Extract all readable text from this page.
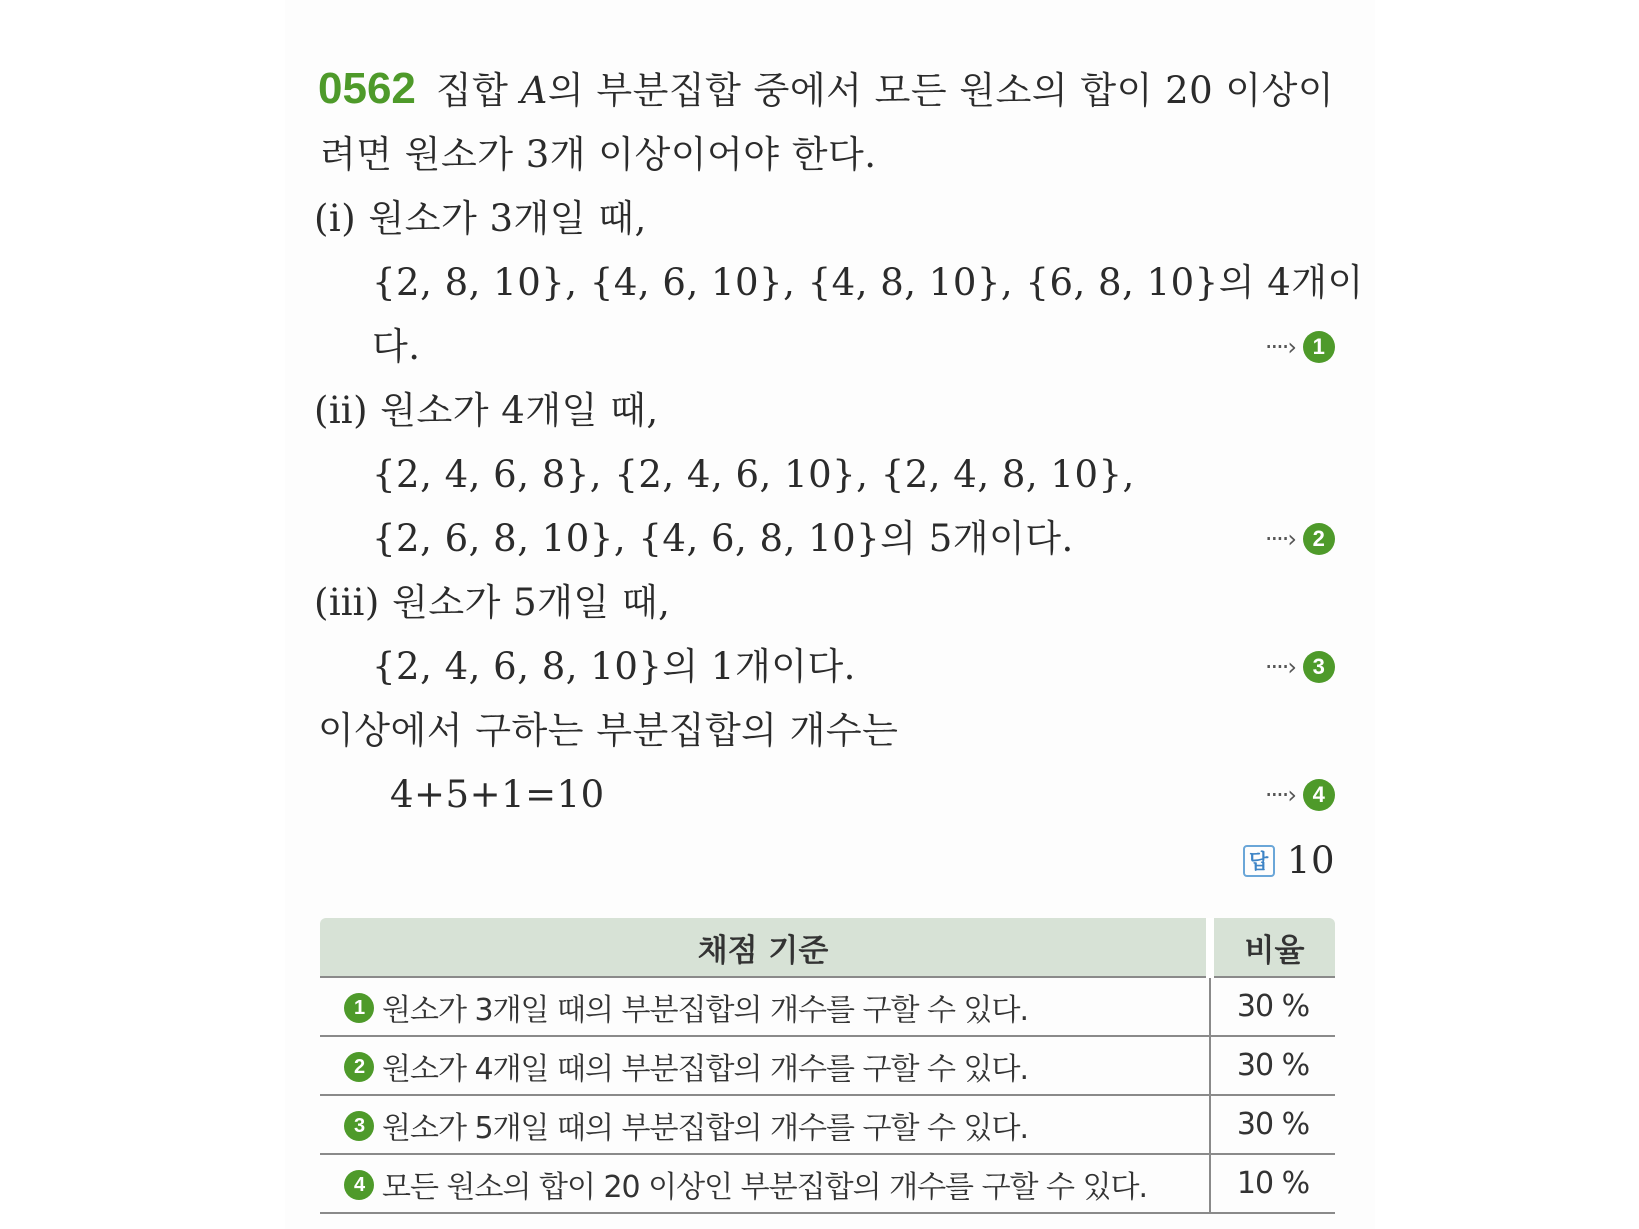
0562 집합 A의 부분집합 중에서 모든 원소의 합이 20 이상이
려면 원소가 3개 이상이어야 한다.
(ⅰ) 원소가 3개일 때,
{2, 8, 10}, {4, 6, 10}, {4, 8, 10}, {6, 8, 10}의 4개이
다.	····› 1
(ⅱ) 원소가 4개일 때,
{2, 4, 6, 8}, {2, 4, 6, 10}, {2, 4, 8, 10},
{2, 6, 8, 10}, {4, 6, 8, 10}의 5개이다.	····› 2
(ⅲ) 원소가 5개일 때,
{2, 4, 6, 8, 10}의 1개이다.	····› 3
이상에서 구하는 부분집합의 개수는
4+5+1=10	····› 4
답 10
채점 기준	비율
1 원소가 3개일 때의 부분집합의 개수를 구할 수 있다.	30 %
2 원소가 4개일 때의 부분집합의 개수를 구할 수 있다.	30 %
3 원소가 5개일 때의 부분집합의 개수를 구할 수 있다.	30 %
4 모든 원소의 합이 20 이상인 부분집합의 개수를 구할 수 있다.	10 %
